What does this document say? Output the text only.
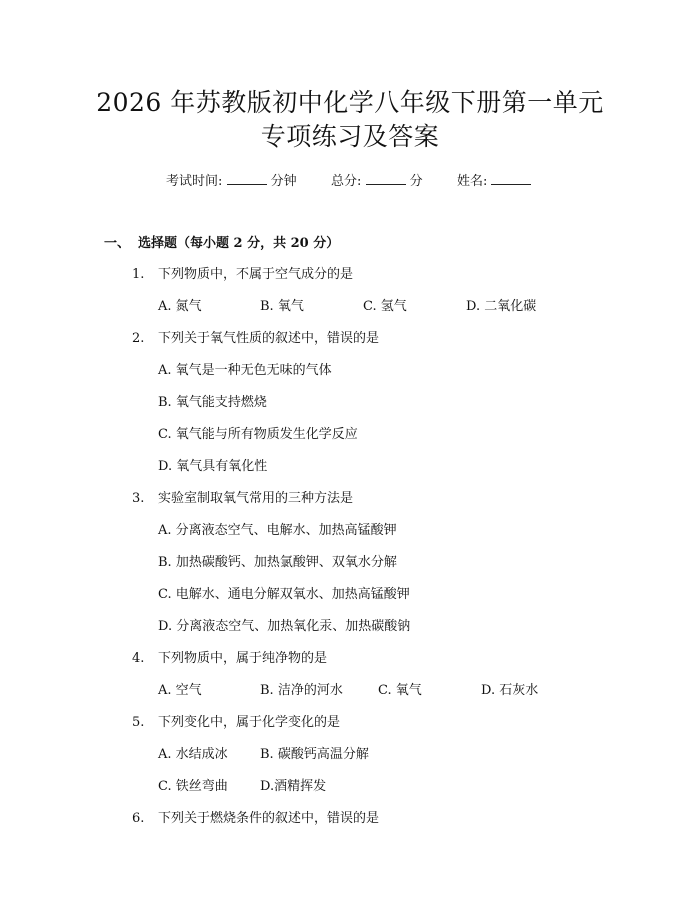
2026 年苏教版初中化学八年级下册第一单元
专项练习及答案
考试时间:	分钟	总分:	分	姓名:
一、 选择题（每小题 2 分，共 20 分）
1. 下列物质中，不属于空气成分的是
A. 氮气	B. 氧气	C. 氢气	D. 二氧化碳
2. 下列关于氧气性质的叙述中，错误的是
A. 氧气是一种无色无味的气体
B. 氧气能支持燃烧
C. 氧气能与所有物质发生化学反应
D. 氧气具有氧化性
3. 实验室制取氧气常用的三种方法是
A. 分离液态空气、电解水、加热高锰酸钾
B. 加热碳酸钙、加热氯酸钾、双氧水分解
C. 电解水、通电分解双氧水、加热高锰酸钾
D. 分离液态空气、加热氧化汞、加热碳酸钠
4. 下列物质中，属于纯净物的是
A. 空气	B. 洁净的河水	C. 氧气	D. 石灰水
5. 下列变化中，属于化学变化的是
A. 水结成冰 B. 碳酸钙高温分解
C. 铁丝弯曲 D.酒精挥发
6. 下列关于燃烧条件的叙述中，错误的是
